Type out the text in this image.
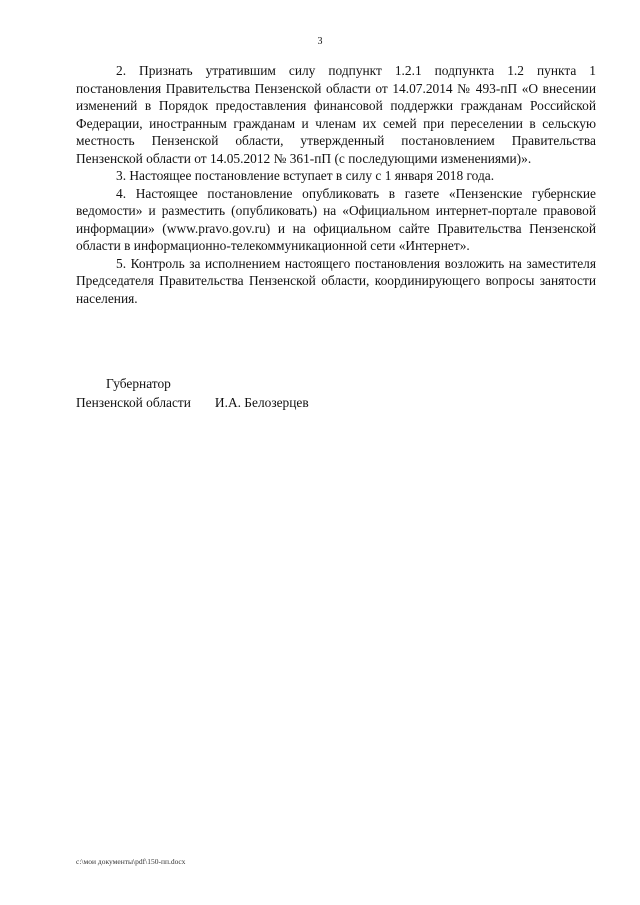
3

2. Признать утратившим силу подпункт 1.2.1 подпункта 1.2 пункта 1 постановления Правительства Пензенской области от 14.07.2014 № 493-пП «О внесении изменений в Порядок предоставления финансовой поддержки гражданам Российской Федерации, иностранным гражданам и членам их семей при переселении в сельскую местность Пензенской области, утвержденный постановлением Правительства Пензенской области от 14.05.2012 № 361-пП (с последующими изменениями)».

3. Настоящее постановление вступает в силу с 1 января 2018 года.

4. Настоящее постановление опубликовать в газете «Пензенские губернские ведомости» и разместить (опубликовать) на «Официальном интернет-портале правовой информации» (www.pravo.gov.ru) и на официальном сайте Правительства Пензенской области в информационно-телекоммуникационной сети «Интернет».

5. Контроль за исполнением настоящего постановления возложить на заместителя Председателя Правительства Пензенской области, координирующего вопросы занятости населения.

Губернатор
Пензенской области И.А. Белозерцев
c:\мои документы\pdf\150-пп.docx
